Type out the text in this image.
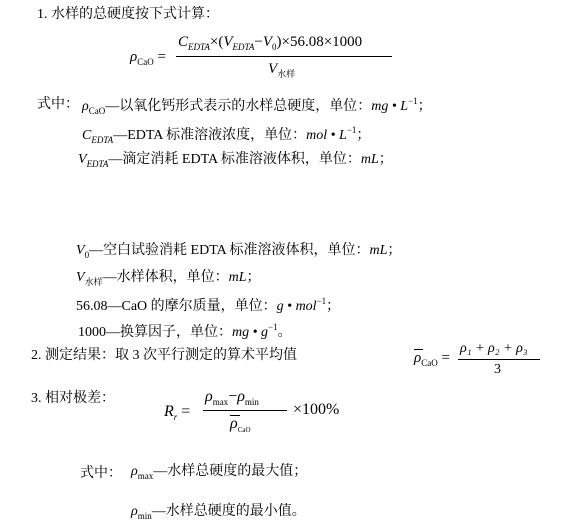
1. 水样的总硬度按下式计算：
$\rho_{CaO}$ =
$C_{EDTA}\times(V_{EDTA}-V_0)\times 56.08\times 1000$
$V_{水样}$
式中： $\rho_{CaO}—$以氧化钙形式表示的水样总硬度，单位：mg • $L^{-1}$；
$C_{EDTA}—EDTA$ 标准溶液浓度，单位：mol • $L^{-1}$；
$V_{EDTA}—$滴定消耗 EDTA 标准溶液体积，单位：mL；
$V_0—$空白试验消耗 EDTA 标准溶液体积，单位：mL；
$V_{水样}—$水样体积，单位：mL；
56.08—CaO 的摩尔质量，单位：g • mol$^{-1}$；
1000—换算因子，单位：mg • $g^{-1}$。
2. 测定结果：取 3 次平行测定的算术平均值	$\rho_{CaO}$ =
ρ₁ + ρ₂ + ρ₃
3
3. 相对极差：
$R_r$ =
$\rho_{max}-\rho_{min}$
$\rho_{CaO}$
×100%
式中： $\rho_{max}—$水样总硬度的最大值；
$\rho_{min}—$水样总硬度的最小值。
